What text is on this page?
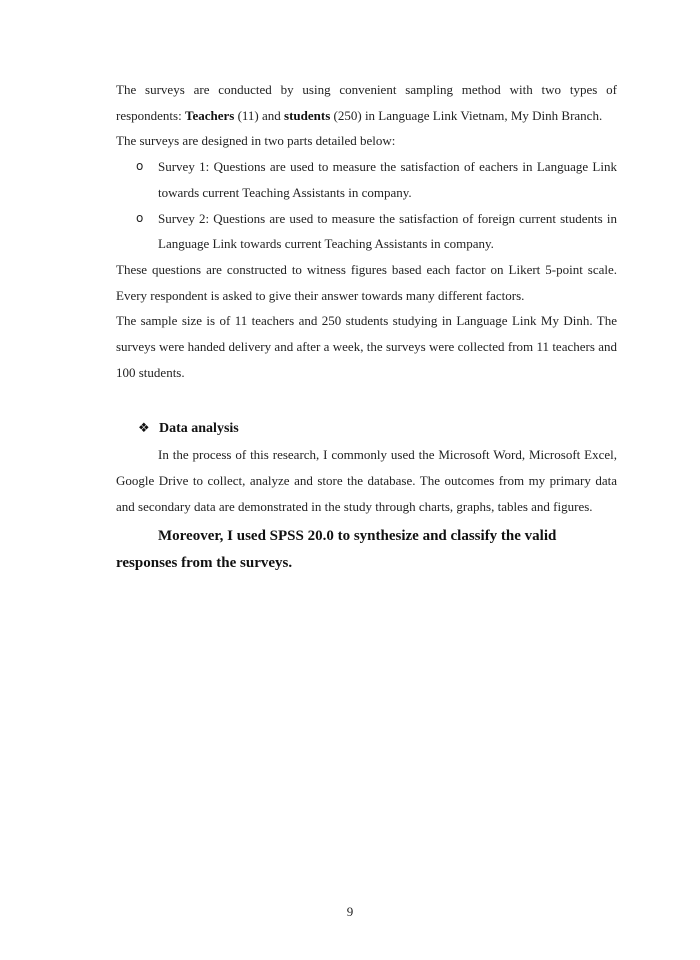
The surveys are conducted by using convenient sampling method with two types of respondents: Teachers (11) and students (250) in Language Link Vietnam, My Dinh Branch.

The surveys are designed in two parts detailed below:

o Survey 1: Questions are used to measure the satisfaction of eachers in Language Link towards current Teaching Assistants in company.
o Survey 2: Questions are used to measure the satisfaction of foreign current students in Language Link towards current Teaching Assistants in company.

These questions are constructed to witness figures based each factor on Likert 5-point scale. Every respondent is asked to give their answer towards many different factors.

The sample size is of 11 teachers and 250 students studying in Language Link My Dinh. The surveys were handed delivery and after a week, the surveys were collected from 11 teachers and 100 students.

❖ Data analysis

In the process of this research, I commonly used the Microsoft Word, Microsoft Excel, Google Drive to collect, analyze and store the database. The outcomes from my primary data and secondary data are demonstrated in the study through charts, graphs, tables and figures.

Moreover, I used SPSS 20.0 to synthesize and classify the valid responses from the surveys.

9
